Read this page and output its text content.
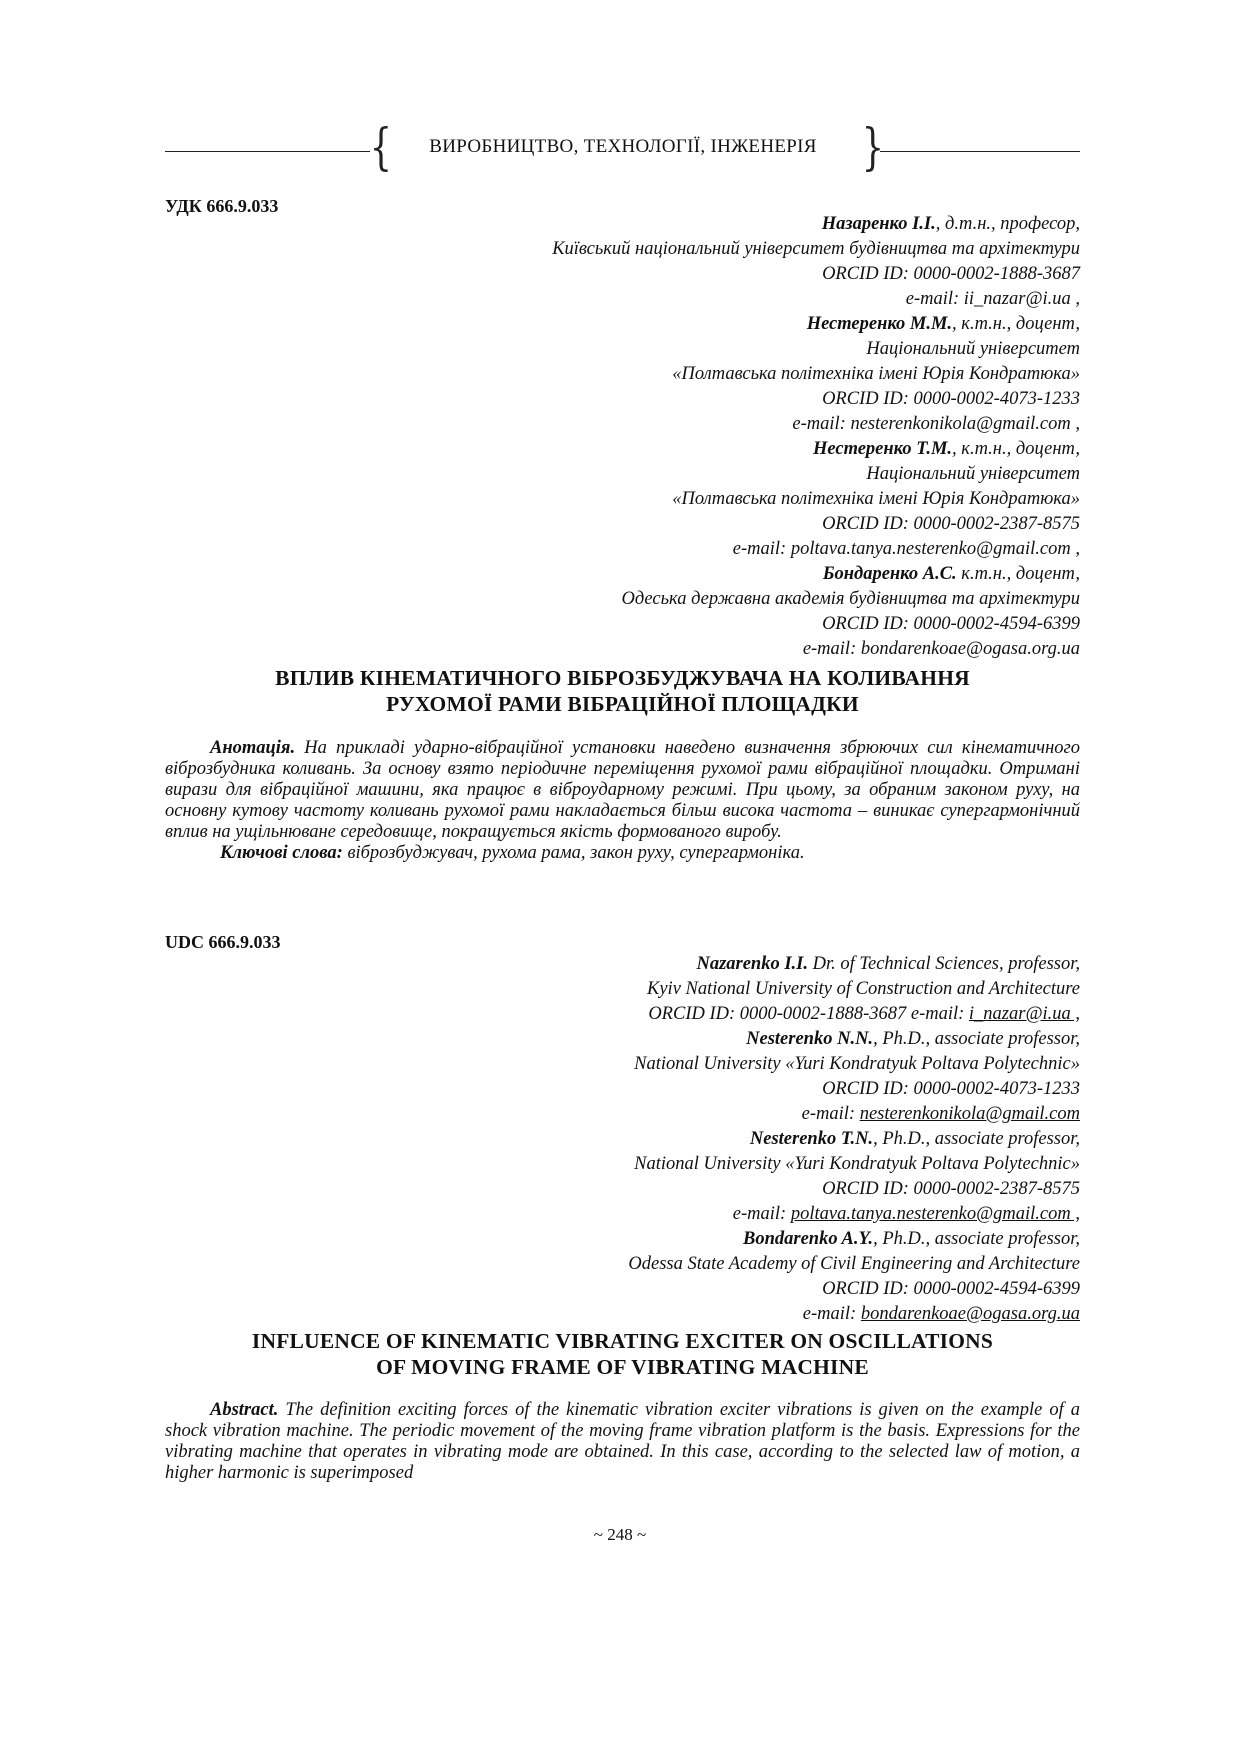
{	ВИРОБНИЦТВО, ТЕХНОЛОГІЇ, ІНЖЕНЕРІЯ }
УДК 666.9.033
Назаренко І.І., д.т.н., професор,
Київський національний університет будівництва та архітектури
ORCID ID: 0000-0002-1888-3687
e-mail: ii_nazar@i.ua ,
Нестеренко М.М., к.т.н., доцент,
Національний університет
«Полтавська політехніка імені Юрія Кондратюка»
ORCID ID: 0000-0002-4073-1233
e-mail: nesterenkonikola@gmail.com ,
Нестеренко Т.М., к.т.н., доцент,
Національний університет
«Полтавська політехніка імені Юрія Кондратюка»
ORCID ID: 0000-0002-2387-8575
e-mail: poltava.tanya.nesterenko@gmail.com ,
Бондаренко А.С. к.т.н., доцент,
Одеська державна академія будівництва та архітектури
ORCID ID: 0000-0002-4594-6399
e-mail: bondarenkoae@ogasa.org.ua
ВПЛИВ КІНЕМАТИЧНОГО ВІБРОЗБУДЖУВАЧА НА КОЛИВАННЯ
РУХОМОЇ РАМИ ВІБРАЦІЙНОЇ ПЛОЩАДКИ

Анотація. На прикладі ударно-вібраційної установки наведено визначення збрюючих сил кінематичного віброзбудника коливань. За основу взято періодичне переміщення рухомої рами вібраційної площадки. Отримані вирази для вібраційної машини, яка працює в віброударному режимі. При цьому, за обраним законом руху, на основну кутову частоту коливань рухомої рами накладається більш висока частота – виникає супергармонічний вплив на ущільнюване середовище, покращується якість формованого виробу.

Ключові слова: віброзбуджувач, рухома рама, закон руху, супергармоніка.

UDC 666.9.033
Nazarenko I.I. Dr. of Technical Sciences, professor,
Kyiv National University of Construction and Architecture
ORCID ID: 0000-0002-1888-3687 e-mail: i_nazar@i.ua ,
Nesterenko N.N., Ph.D., associate professor,
National University «Yuri Kondratyuk Poltava Polytechnic»
ORCID ID: 0000-0002-4073-1233
e-mail: nesterenkonikola@gmail.com
Nesterenko T.N., Ph.D., associate professor,
National University «Yuri Kondratyuk Poltava Polytechnic»
ORCID ID: 0000-0002-2387-8575
e-mail: poltava.tanya.nesterenko@gmail.com ,
Bondarenko A.Y., Ph.D., associate professor,
Odessa State Academy of Civil Engineering and Architecture
ORCID ID: 0000-0002-4594-6399
e-mail: bondarenkoae@ogasa.org.ua
INFLUENCE OF KINEMATIC VIBRATING EXCITER ON OSCILLATIONS
OF MOVING FRAME OF VIBRATING MACHINE

Abstract. The definition exciting forces of the kinematic vibration exciter vibrations is given on the example of a shock vibration machine. The periodic movement of the moving frame vibration platform is the basis. Expressions for the vibrating machine that operates in vibrating mode are obtained. In this case, according to the selected law of motion, a higher harmonic is superimposed

~ 248 ~
